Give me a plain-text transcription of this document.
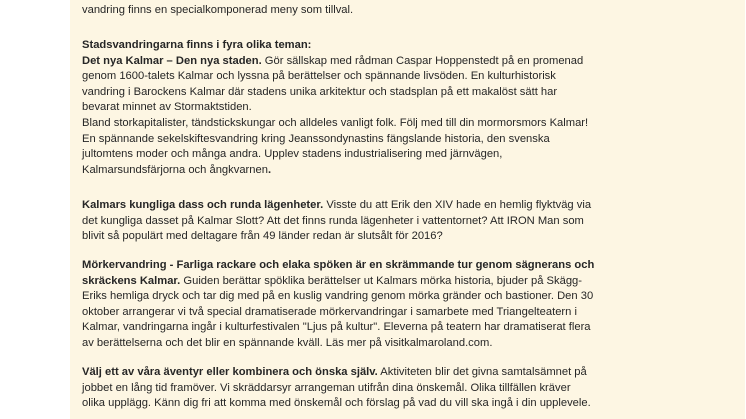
vandring finns en specialkomponerad meny som tillval.

Stadsvandringarna finns i fyra olika teman:

Det nya Kalmar – Den nya staden. Gör sällskap med rådman Caspar Hoppenstedt på en promenad

genom 1600-talets Kalmar och lyssna på berättelser och spännande livsöden. En kulturhistorisk

vandring i Barockens Kalmar där stadens unika arkitektur och stadsplan på ett makalöst sätt har

bevarat minnet av Stormaktstiden.

Bland storkapitalister, tändstickskungar och alldeles vanligt folk. Följ med till din mormorsmors Kalmar!

En spännande sekelskiftesvandring kring Jeanssondynastins fängslande historia, den svenska

jultomtens moder och många andra. Upplev stadens industrialisering med järnvägen,

Kalmarsundsfärjorna och ångkvarnen.

Kalmars kungliga dass och runda lägenheter. Visste du att Erik den XIV hade en hemlig flyktväg via

det kungliga dasset på Kalmar Slott? Att det finns runda lägenheter i vattentornet? Att IRON Man som

blivit så populärt med deltagare från 49 länder redan är slutsålt för 2016?

Mörkervandring - Farliga rackare och elaka spöken är en skrämmande tur genom sägnerans och

skräckens Kalmar. Guiden berättar spöklika berättelser ut Kalmars mörka historia, bjuder på Skägg-

Eriks hemliga dryck och tar dig med på en kuslig vandring genom mörka gränder och bastioner. Den 30

oktober arrangerar vi två special dramatiserade mörkervandringar i samarbete med Triangelteatern i

Kalmar, vandringarna ingår i kulturfestivalen "Ljus på kultur". Eleverna på teatern har dramatiserat flera

av berättelserna och det blir en spännande kväll. Läs mer på visitkalmaroland.com.

Välj ett av våra äventyr eller kombinera och önska själv. Aktiviteten blir det givna samtalsämnet på

jobbet en lång tid framöver. Vi skräddarsyr arrangeman utifrån dina önskemål. Olika tillfällen kräver

olika upplägg. Känn dig fri att komma med önskemål och förslag på vad du vill ska ingå i din upplevele.
